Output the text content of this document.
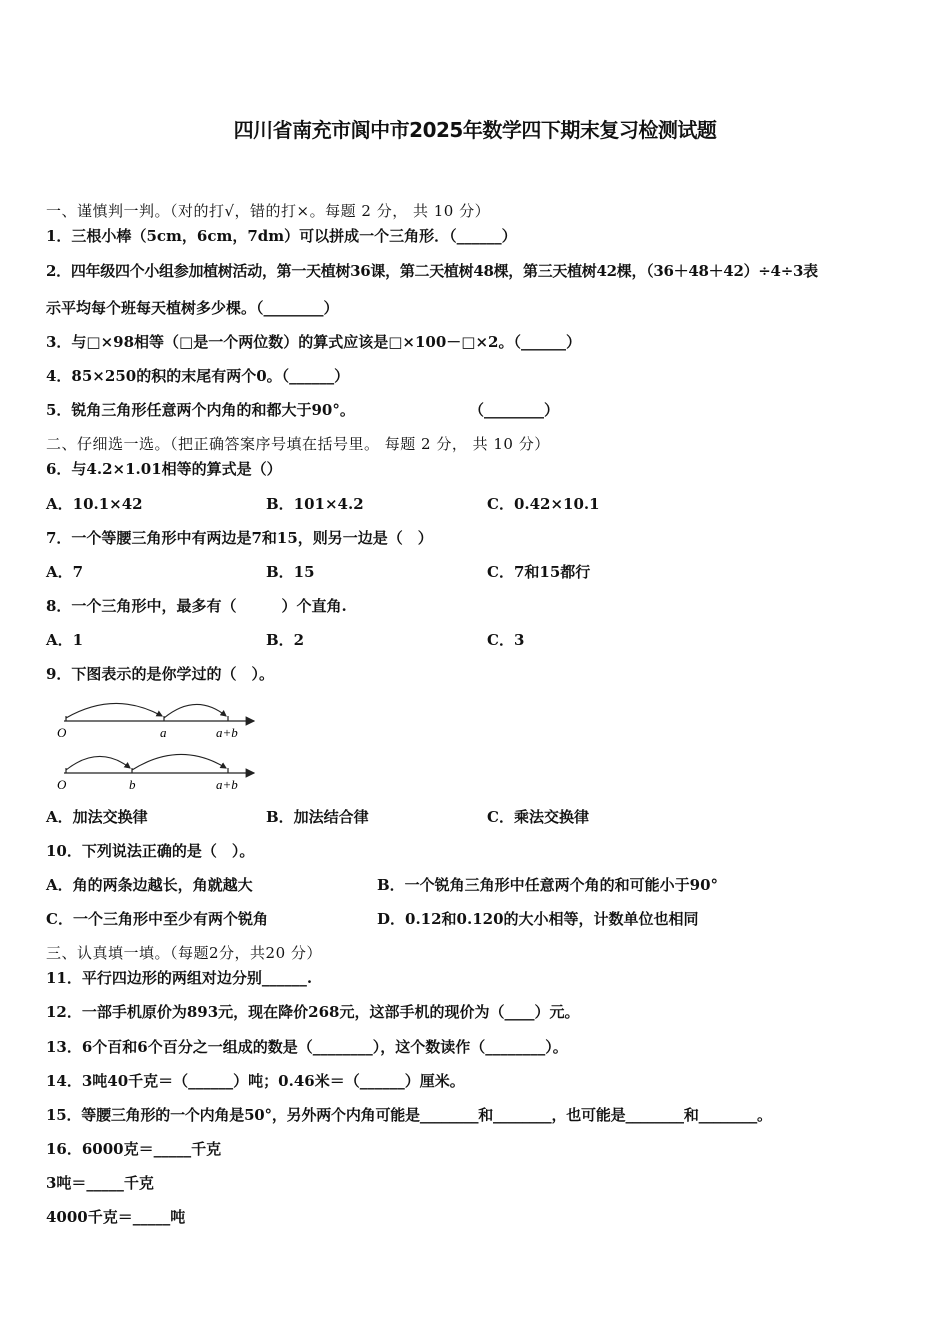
四川省南充市阆中市2025年数学四下期末复习检测试题
一、谨慎判一判。（对的打√，错的打×。每题 2 分， 共 10 分）
1．三根小棒（5cm，6cm，7dm）可以拼成一个三角形．（______）
2．四年级四个小组参加植树活动，第一天植树36课，第二天植树48棵，第三天植树42棵，（36＋48＋42）÷4÷3表
示平均每个班每天植树多少棵。（________）
3．与□×98相等（□是一个两位数）的算式应该是□×100－□×2。（______）
4．85×250的积的末尾有两个0。（______）
5．锐角三角形任意两个内角的和都大于90°。	（________）
二、仔细选一选。（把正确答案序号填在括号里。 每题 2 分， 共 10 分）
6．与4.2×1.01相等的算式是（）
A．10.1×42	B．101×4.2	C．0.42×10.1
7．一个等腰三角形中有两边是7和15，则另一边是（　）
A．7	B．15	C．7和15都行
8．一个三角形中，最多有（　　　）个直角.
A．1	B．2	C．3
9．下图表示的是你学过的（　）。
O	a	a+b
O	b	a+b
A．加法交换律	B．加法结合律	C．乘法交换律
10．下列说法正确的是（　）。
A．角的两条边越长，角就越大	B．一个锐角三角形中任意两个角的和可能小于90°
C．一个三角形中至少有两个锐角	D．0.12和0.120的大小相等，计数单位也相同
三、认真填一填。（每题2分，共20 分）
11．平行四边形的两组对边分别______.
12．一部手机原价为893元，现在降价268元，这部手机的现价为（____）元。
13．6个百和6个百分之一组成的数是（________），这个数读作（________）。
14．3吨40千克＝（______）吨；0.46米＝（______）厘米。
15．等腰三角形的一个内角是50°，另外两个内角可能是________和________，也可能是________和________。
16．6000克＝_____千克
3吨＝_____千克
4000千克＝_____吨
